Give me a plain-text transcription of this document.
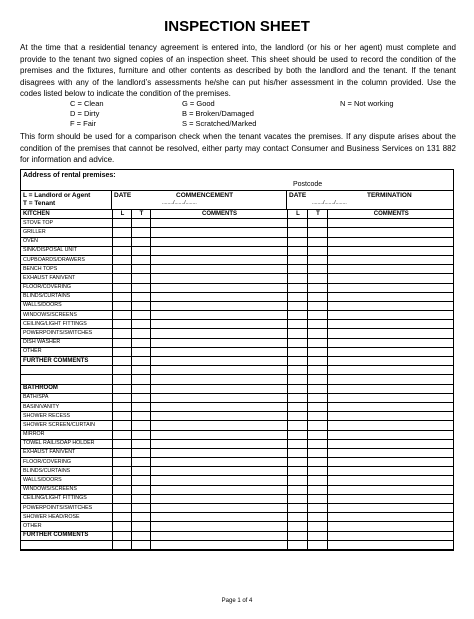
INSPECTION SHEET
At the time that a residential tenancy agreement is entered into, the landlord (or his or her agent) must complete and provide to the tenant two signed copies of an inspection sheet. This sheet should be used to record the condition of the premises and the fixtures, furniture and other contents as described by both the landlord and the tenant. If the tenant disagrees with any of the landlord’s assessments he/she can put his/her assessment in the column provided. Use the codes listed below to indicate the condition of the premises.
C = Clean	G = Good	N = Not working
D = Dirty	B = Broken/Damaged
F = Fair	S = Scratched/Marked
This form should be used for a comparison check when the tenant vacates the premises. If any dispute arises about the condition of the premises that cannot be resolved, either party may contact Consumer and Business Services on 131 882 for information and advice.
Address of rental premises:
Postcode
L = Landlord or Agent
T = Tenant
DATE	COMMENCEMENT
......../......./........
DATE	TERMINATION
......../......./........
KITCHEN	L	T	COMMENTS	L	T	COMMENTS
STOVE TOP						
GRILLER						
OVEN						
SINK/DISPOSAL UNIT						
CUPBOARDS/DRAWERS						
BENCH TOPS						
EXHAUST FAN/VENT						
FLOOR/COVERING						
BLINDS/CURTAINS						
WALLS/DOORS						
WINDOWS/SCREENS						
CEILING/LIGHT FITTINGS						
POWERPOINTS/SWITCHES						
DISH WASHER						
OTHER						
FURTHER COMMENTS						

BATHROOM						
BATH/SPA						
BASIN/VANITY						
SHOWER RECESS						
SHOWER SCREEN/CURTAIN						
MIRROR						
TOWEL RAIL/SOAP HOLDER						
EXHAUST FAN/VENT						
FLOOR/COVERING						
BLINDS/CURTAINS						
WALLS/DOORS						
WINDOWS/SCREENS						
CEILING/LIGHT FITTINGS						
POWERPOINTS/SWITCHES						
SHOWER HEAD/ROSE						
OTHER						
FURTHER COMMENTS						

Page 1 of 4
